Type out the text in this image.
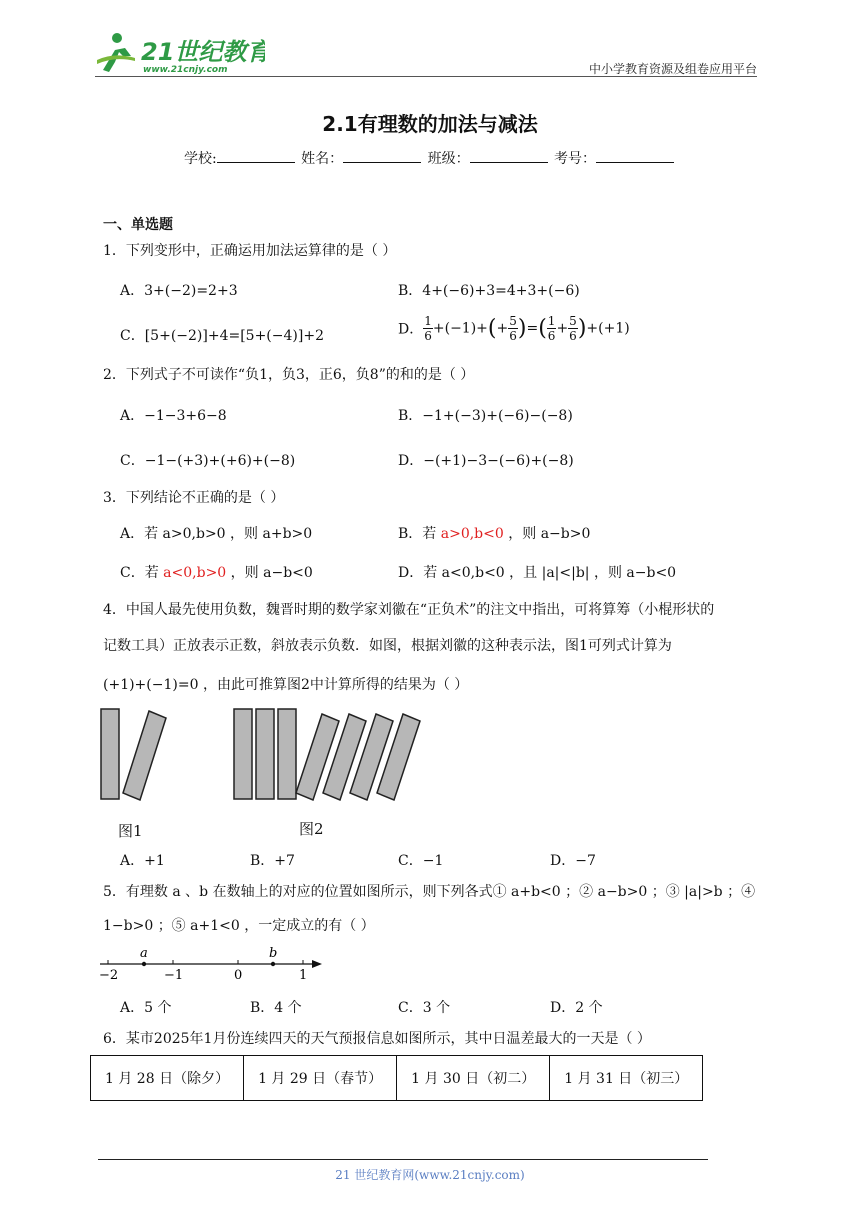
21世纪教育
www.21cnjy.com	中小学教育资源及组卷应用平台
2.1有理数的加法与减法
学校:	姓名：	班级：	考号：
一、单选题
1．下列变形中，正确运用加法运算律的是（ ）
A．3+(−2)=2+3	B．4+(−6)+3=4+3+(−6)
C．[5+(−2)]+4=[5+(−4)]+2	D． $\frac{1}{6} +(-1)+(+ \frac{5}{6}$ )=( $\frac{1}{6} + \frac{5}{6} )+(+1)$
2．下列式子不可读作“负1，负3，正6，负8”的和的是（ ）
A．−1−3+6−8	B．−1+(−3)+(−6)−(−8)
C．−1−(+3)+(+6)+(−8)	D．−(+1)−3−(−6)+(−8)
3．下列结论不正确的是（ ）
A．若 a>0,b>0 ，则 a+b>0	B．若 a>0,b<0 ，则 a−b>0
C．若 a<0,b>0 ，则 a−b<0	D．若 a<0,b<0 ，且 |a|<|b| ，则 a−b<0
4．中国人最先使用负数，魏晋时期的数学家刘徽在“正负术”的注文中指出，可将算筹（小棍形状的
记数工具）正放表示正数，斜放表示负数．如图，根据刘徽的这种表示法，图1可列式计算为
(+1)+(−1)=0 ，由此可推算图2中计算所得的结果为（ ）
图1	图2
A．+1	B．+7	C．−1	D．−7
5．有理数 a 、b 在数轴上的对应的位置如图所示，则下列各式① a+b<0 ；② a−b>0 ；③ |a|>b ；④
1−b>0 ；⑤ a+1<0 ，一定成立的有（ ）
a	b
−2	−1	0	1
A．5 个	B．4 个	C．3 个	D．2 个
6．某市2025年1月份连续四天的天气预报信息如图所示，其中日温差最大的一天是（ ）
1 月 28 日（除夕）	1 月 29 日（春节）	1 月 30 日（初二）	1 月 31 日（初三）
21 世纪教育网(www.21cnjy.com)
